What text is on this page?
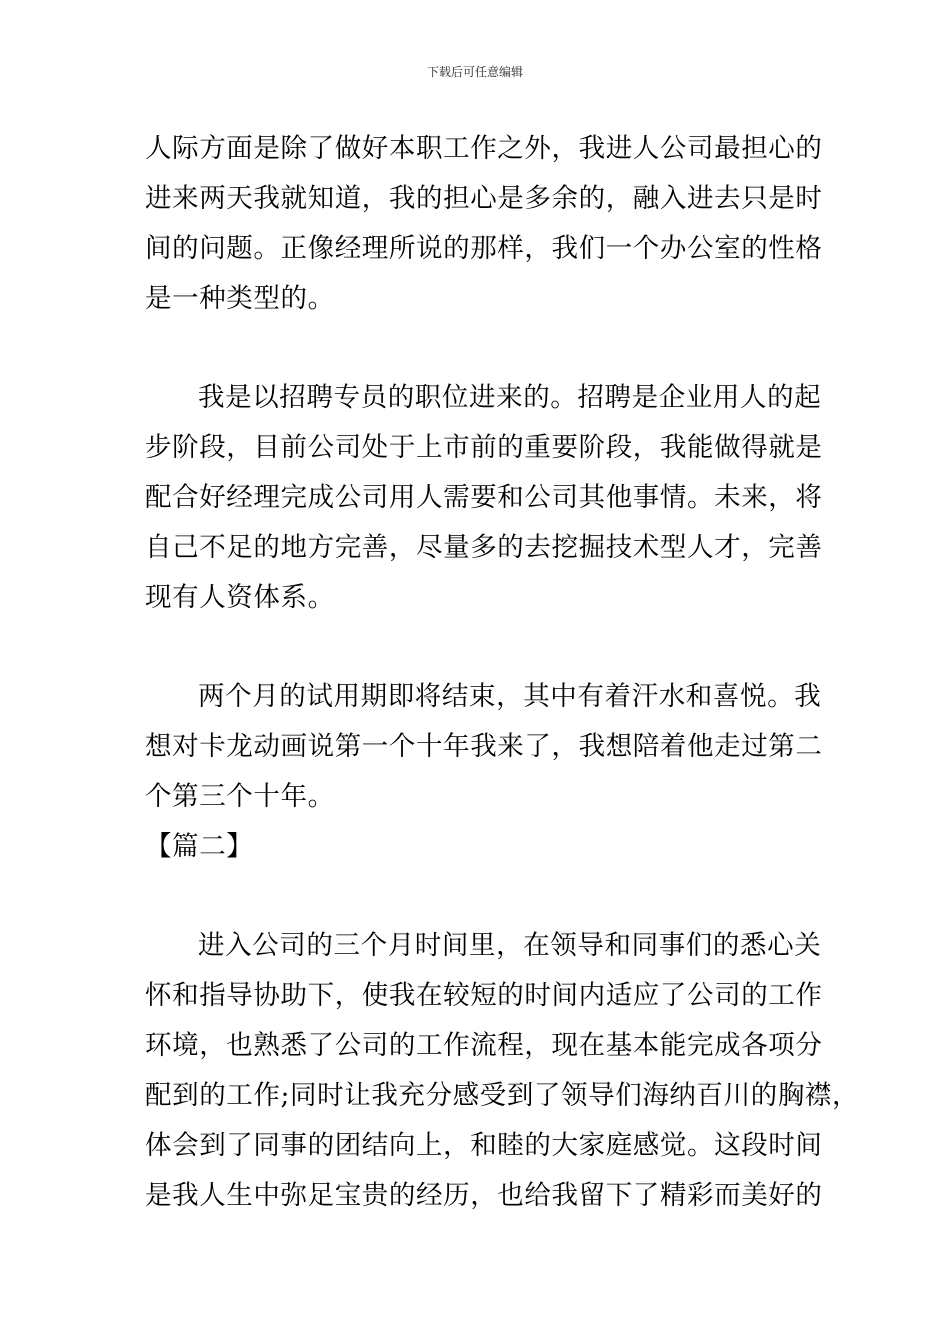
下载后可任意编辑
人际方面是除了做好本职工作之外，我进人公司最担心的
进来两天我就知道，我的担心是多余的，融入进去只是时
间的问题。正像经理所说的那样，我们一个办公室的性格
是一种类型的。
我是以招聘专员的职位进来的。招聘是企业用人的起
步阶段，目前公司处于上市前的重要阶段，我能做得就是
配合好经理完成公司用人需要和公司其他事情。未来，将
自己不足的地方完善，尽量多的去挖掘技术型人才，完善
现有人资体系。
两个月的试用期即将结束，其中有着汗水和喜悦。我
想对卡龙动画说第一个十年我来了，我想陪着他走过第二
个第三个十年。
【篇二】
进入公司的三个月时间里，在领导和同事们的悉心关
怀和指导协助下，使我在较短的时间内适应了公司的工作
环境，也熟悉了公司的工作流程，现在基本能完成各项分
配到的工作;同时让我充分感受到了领导们海纳百川的胸襟，
体会到了同事的团结向上，和睦的大家庭感觉。这段时间
是我人生中弥足宝贵的经历，也给我留下了精彩而美好的
